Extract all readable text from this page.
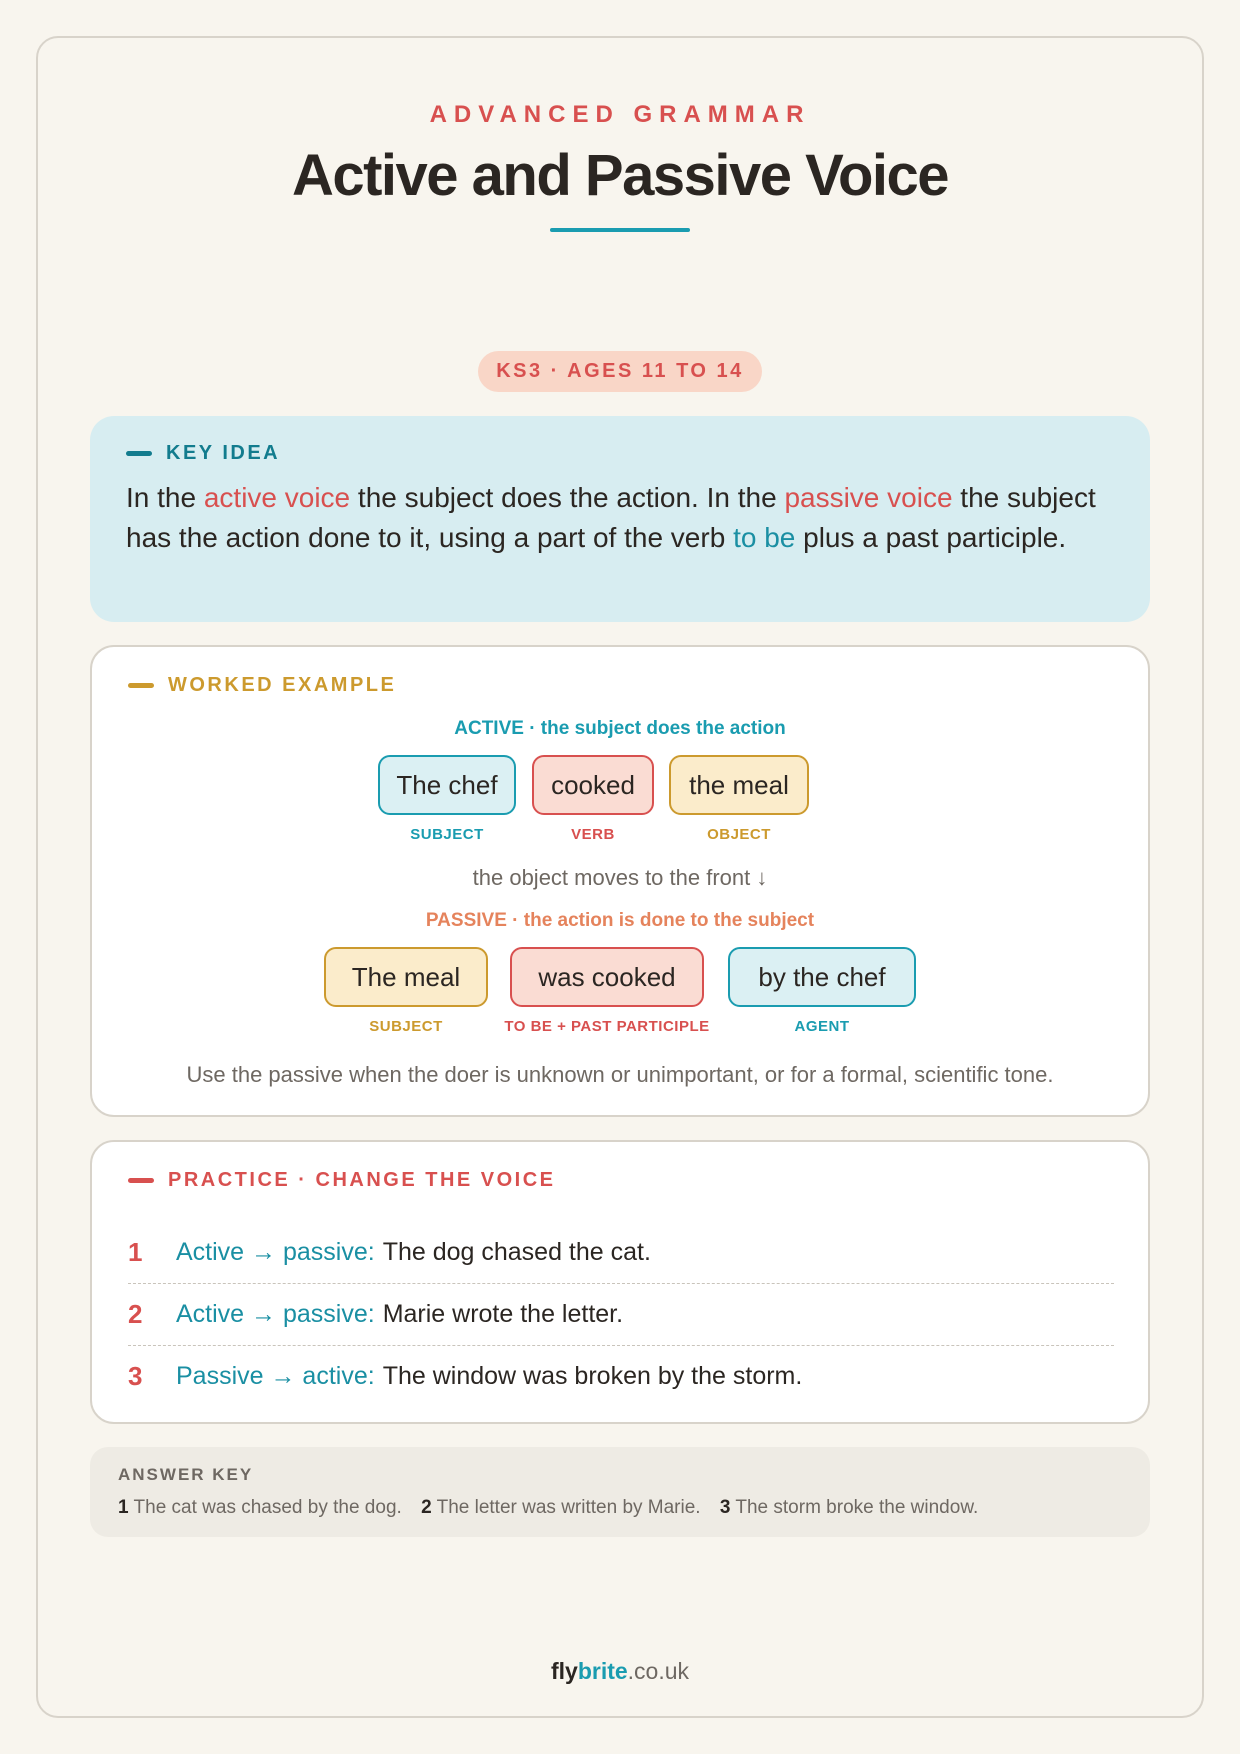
ADVANCED GRAMMAR
Active and Passive Voice
KS3 · AGES 11 TO 14
KEY IDEA

In the active voice the subject does the action. In the passive voice the subject has the action done to it, using a part of the verb to be plus a past participle.

WORKED EXAMPLE
ACTIVE · the subject does the action
The chef	cooked	the meal
SUBJECT	VERB	OBJECT
the object moves to the front ↓
PASSIVE · the action is done to the subject
The meal	was cooked	by the chef
SUBJECT	TO BE + PAST PARTICIPLE	AGENT
Use the passive when the doer is unknown or unimportant, or for a formal, scientific tone.
PRACTICE · CHANGE THE VOICE
1	Active → passive: The dog chased the cat.
2	Active → passive: Marie wrote the letter.
3	Passive → active: The window was broken by the storm.
ANSWER KEY
1 The cat was chased by the dog. 2 The letter was written by Marie. 3 The storm broke the window.
flybrite.co.uk
